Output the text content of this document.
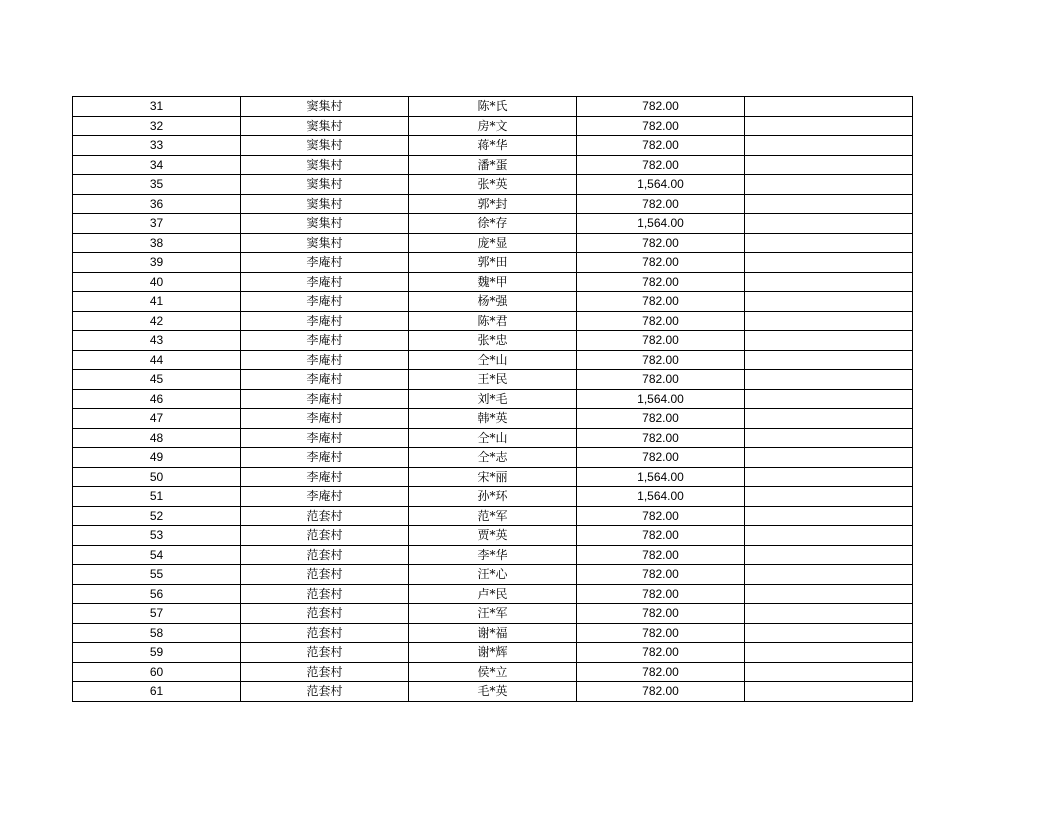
31	窦集村	陈*氏	782.00	
32	窦集村	房*文	782.00	
33	窦集村	蒋*华	782.00	
34	窦集村	潘*蛋	782.00	
35	窦集村	张*英	1,564.00	
36	窦集村	郭*封	782.00	
37	窦集村	徐*存	1,564.00	
38	窦集村	庞*显	782.00	
39	李庵村	郭*田	782.00	
40	李庵村	魏*甲	782.00	
41	李庵村	杨*强	782.00	
42	李庵村	陈*君	782.00	
43	李庵村	张*忠	782.00	
44	李庵村	仝*山	782.00	
45	李庵村	王*民	782.00	
46	李庵村	刘*毛	1,564.00	
47	李庵村	韩*英	782.00	
48	李庵村	仝*山	782.00	
49	李庵村	仝*志	782.00	
50	李庵村	宋*丽	1,564.00	
51	李庵村	孙*环	1,564.00	
52	范套村	范*军	782.00	
53	范套村	贾*英	782.00	
54	范套村	李*华	782.00	
55	范套村	汪*心	782.00	
56	范套村	卢*民	782.00	
57	范套村	汪*军	782.00	
58	范套村	谢*福	782.00	
59	范套村	谢*辉	782.00	
60	范套村	侯*立	782.00	
61	范套村	毛*英	782.00	
